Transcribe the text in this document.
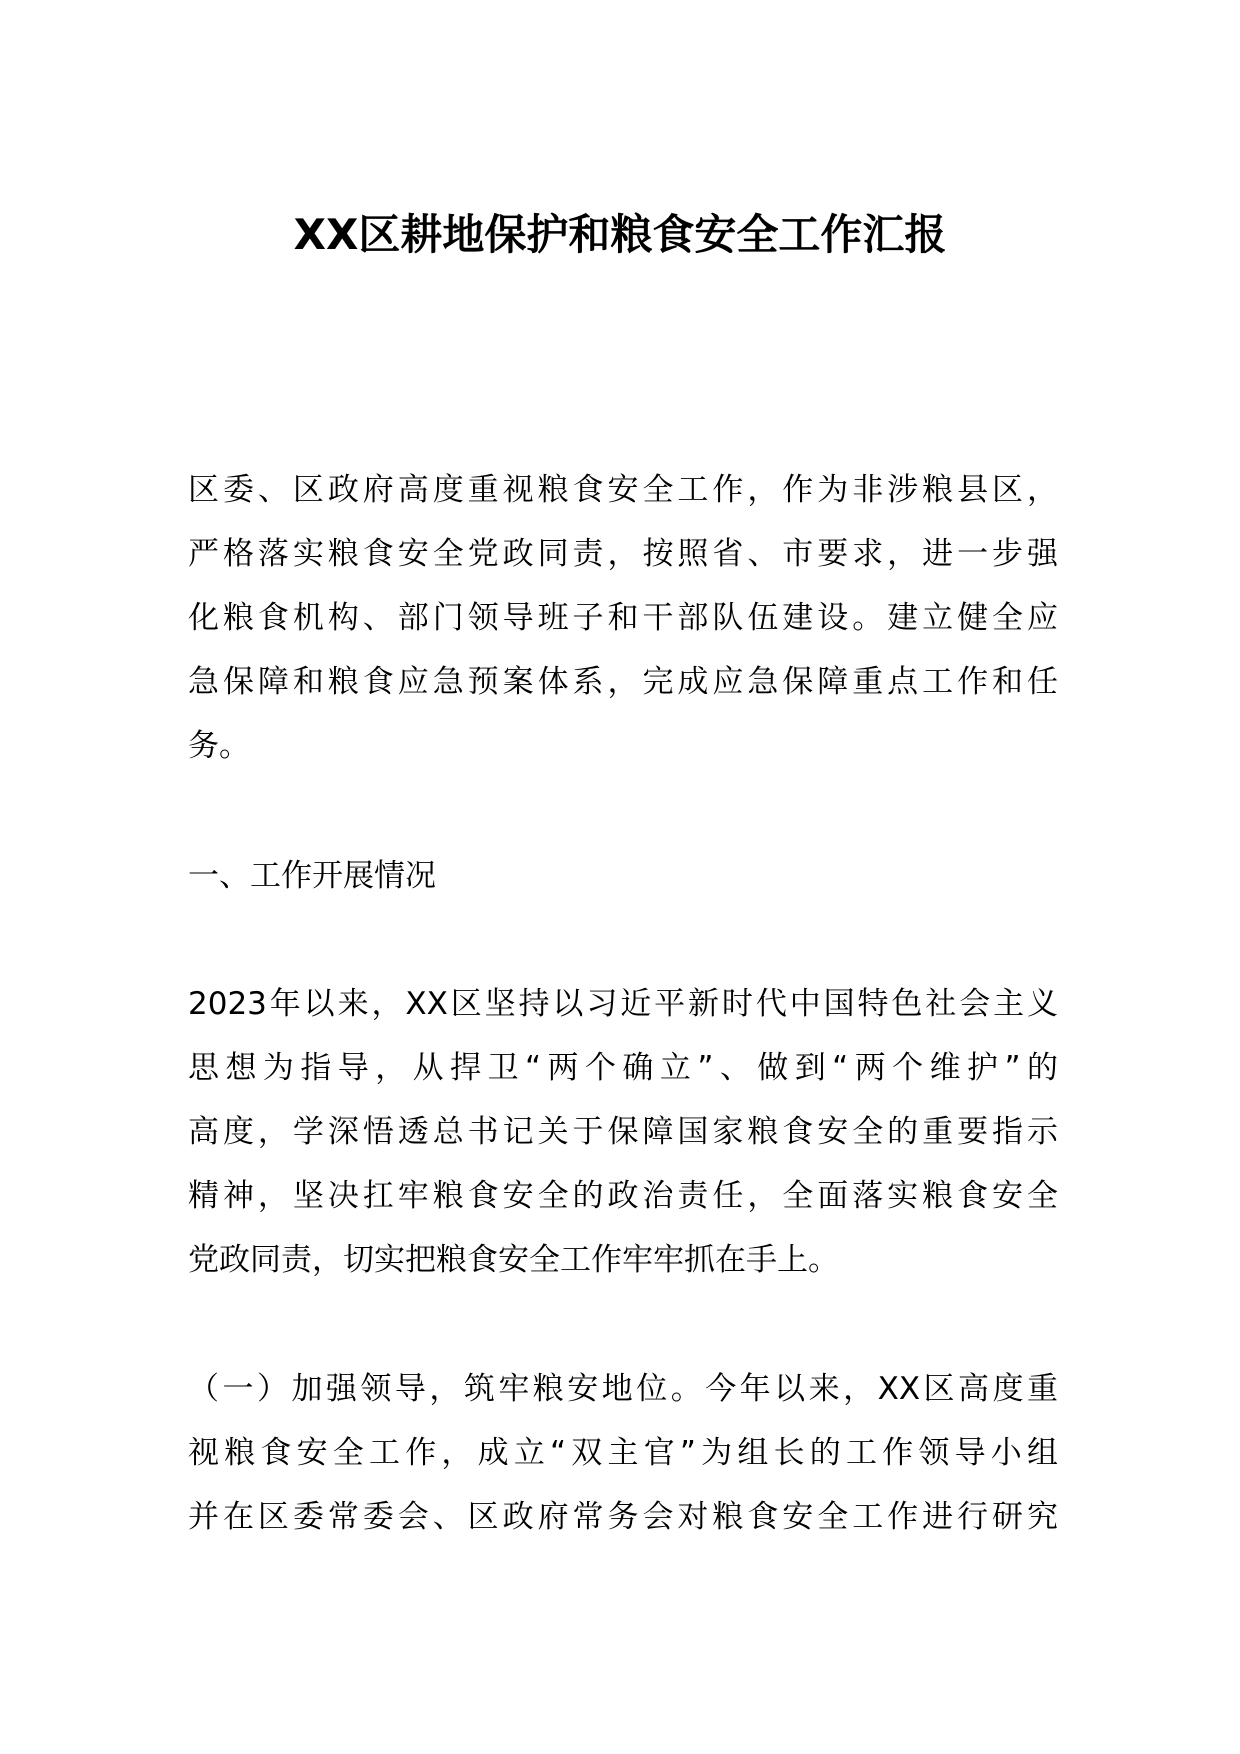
XX区耕地保护和粮食安全工作汇报
区委、区政府高度重视粮食安全工作，作为非涉粮县区，
严格落实粮食安全党政同责，按照省、市要求，进一步强
化粮食机构、部门领导班子和干部队伍建设。建立健全应
急保障和粮食应急预案体系，完成应急保障重点工作和任
务。
一、工作开展情况
2023年以来，XX区坚持以习近平新时代中国特色社会主义
思想为指导，从捍卫“两个确立”、做到“两个维护”的
高度，学深悟透总书记关于保障国家粮食安全的重要指示
精神，坚决扛牢粮食安全的政治责任，全面落实粮食安全
党政同责，切实把粮食安全工作牢牢抓在手上。
（一）加强领导，筑牢粮安地位。今年以来，XX区高度重
视粮食安全工作，成立“双主官”为组长的工作领导小组
并在区委常委会、区政府常务会对粮食安全工作进行研究
